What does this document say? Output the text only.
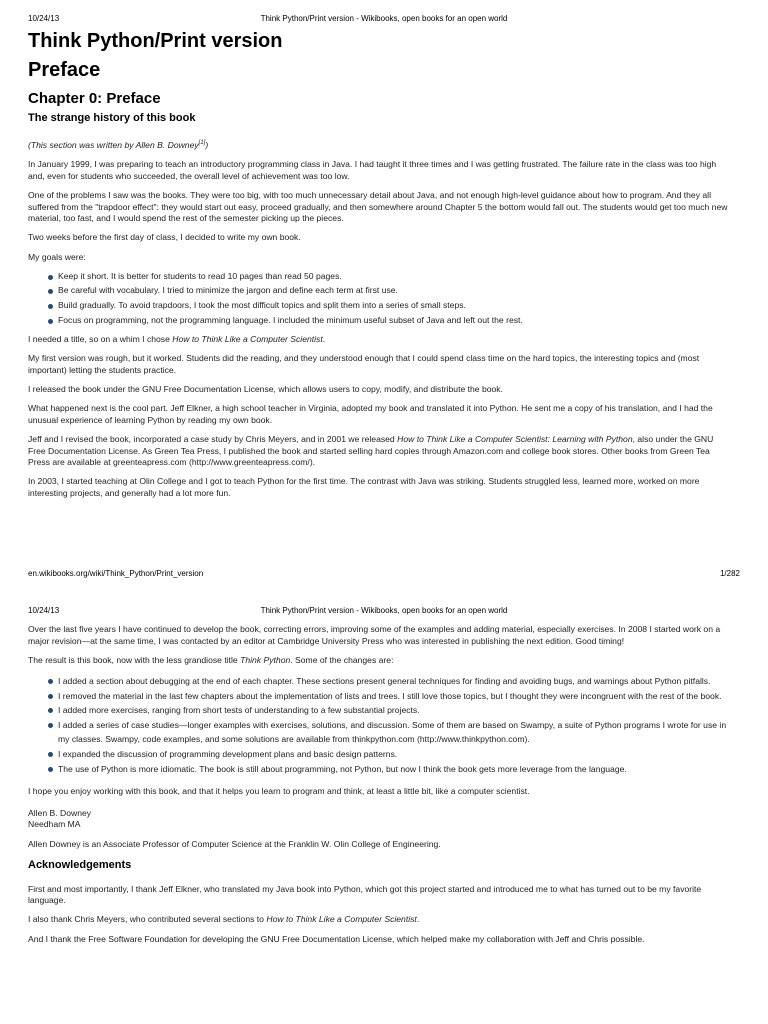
10/24/13	Think Python/Print version - Wikibooks, open books for an open world
Think Python/Print version
Preface
Chapter 0: Preface
The strange history of this book

(This section was written by Allen B. Downey[1])

In January 1999, I was preparing to teach an introductory programming class in Java. I had taught it three times and I was getting frustrated. The failure rate in the class was too high and, even for students who succeeded, the overall level of achievement was too low.

One of the problems I saw was the books. They were too big, with too much unnecessary detail about Java, and not enough high-level guidance about how to program. And they all suffered from the "trapdoor effect": they would start out easy, proceed gradually, and then somewhere around Chapter 5 the bottom would fall out. The students would get too much new material, too fast, and I would spend the rest of the semester picking up the pieces.

Two weeks before the first day of class, I decided to write my own book.

My goals were:

Keep it short. It is better for students to read 10 pages than read 50 pages.
Be careful with vocabulary. I tried to minimize the jargon and define each term at first use.
Build gradually. To avoid trapdoors, I took the most difficult topics and split them into a series of small steps.
Focus on programming, not the programming language. I included the minimum useful subset of Java and left out the rest.

I needed a title, so on a whim I chose How to Think Like a Computer Scientist.

My first version was rough, but it worked. Students did the reading, and they understood enough that I could spend class time on the hard topics, the interesting topics and (most important) letting the students practice.

I released the book under the GNU Free Documentation License, which allows users to copy, modify, and distribute the book.

What happened next is the cool part. Jeff Elkner, a high school teacher in Virginia, adopted my book and translated it into Python. He sent me a copy of his translation, and I had the unusual experience of learning Python by reading my own book.

Jeff and I revised the book, incorporated a case study by Chris Meyers, and in 2001 we released How to Think Like a Computer Scientist: Learning with Python, also under the GNU Free Documentation License. As Green Tea Press, I published the book and started selling hard copies through Amazon.com and college book stores. Other books from Green Tea Press are available at greenteapress.com (http://www.greenteapress.com/).

In 2003, I started teaching at Olin College and I got to teach Python for the first time. The contrast with Java was striking. Students struggled less, learned more, worked on more interesting projects, and generally had a lot more fun.

en.wikibooks.org/wiki/Think_Python/Print_version	1/282
10/24/13	Think Python/Print version - Wikibooks, open books for an open world

Over the last five years I have continued to develop the book, correcting errors, improving some of the examples and adding material, especially exercises. In 2008 I started work on a major revision—at the same time, I was contacted by an editor at Cambridge University Press who was interested in publishing the next edition. Good timing!

The result is this book, now with the less grandiose title Think Python. Some of the changes are:

I added a section about debugging at the end of each chapter. These sections present general techniques for finding and avoiding bugs, and warnings about Python pitfalls.
I removed the material in the last few chapters about the implementation of lists and trees. I still love those topics, but I thought they were incongruent with the rest of the book.
I added more exercises, ranging from short tests of understanding to a few substantial projects.
I added a series of case studies—longer examples with exercises, solutions, and discussion. Some of them are based on Swampy, a suite of Python programs I wrote for use in my classes. Swampy, code examples, and some solutions are available from thinkpython.com (http://www.thinkpython.com).
I expanded the discussion of programming development plans and basic design patterns.
The use of Python is more idiomatic. The book is still about programming, not Python, but now I think the book gets more leverage from the language.

I hope you enjoy working with this book, and that it helps you learn to program and think, at least a little bit, like a computer scientist.

Allen B. Downey
Needham MA

Allen Downey is an Associate Professor of Computer Science at the Franklin W. Olin College of Engineering.

Acknowledgements

First and most importantly, I thank Jeff Elkner, who translated my Java book into Python, which got this project started and introduced me to what has turned out to be my favorite language.

I also thank Chris Meyers, who contributed several sections to How to Think Like a Computer Scientist.

And I thank the Free Software Foundation for developing the GNU Free Documentation License, which helped make my collaboration with Jeff and Chris possible.
